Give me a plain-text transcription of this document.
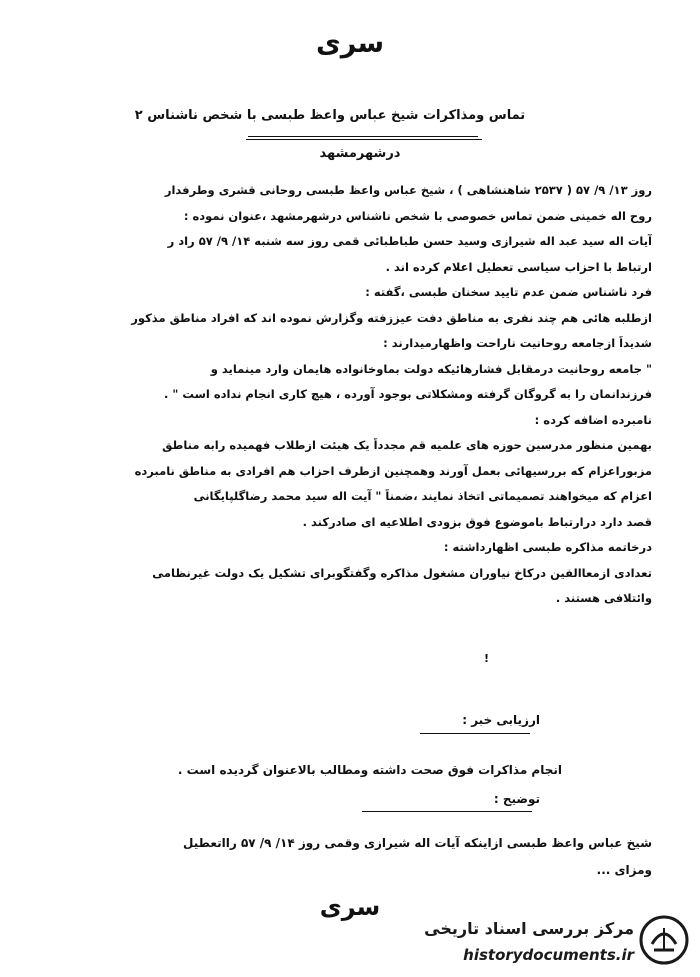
سری
تماس ومذاکرات شیخ عباس واعظ طبسی با شخص ناشناس ۲
درشهرمشهد
روز ۱۳/ ۹/ ۵۷ ( ۲۵۳۷ شاهنشاهی ) ، شیخ عباس واعظ طبسی روحانی قشری وطرفدار
روح اله خمینی ضمن تماس خصوصی با شخص ناشناس درشهرمشهد ،عنوان نموده :
آیات اله سید عبد اله شیرازی وسید حسن طباطبائی قمی روز سه شنبه ۱۴/ ۹/ ۵۷ راد ر
ارتباط با احزاب سیاسی تعطیل اعلام کرده اند .
فرد ناشناس ضمن عدم تایید سخنان طبسی ،گفته :
ازطلبه هائی هم چند نفری به مناطق دفت عیززفته وگزارش نموده اند که افراد مناطق مذکور
شدیداً ازجامعه روحانیت ناراحت واظهارمیدارند :
" جامعه روحانیت درمقابل فشارهائیکه دولت بماوخانواده هایمان وارد مینماید و
فرزندانمان را به گروگان گرفته ومشکلاتی بوجود آورده ، هیچ کاری انجام نداده است " .
نامبرده اضافه کرده :
بهمین منظور مدرسین حوزه های علمیه قم مجدداً یک هیئت ازطلاب فهمیده رابه مناطق
مزبوراعزام که بررسیهائی بعمل آورند وهمچنین ازطرف احزاب هم افرادی به مناطق نامبرده
اعزام که میخواهند تصمیماتی اتخاذ نمایند ،ضمناً " آیت اله سید محمد رضاگلپایگانی
قصد دارد درارتباط باموضوع فوق بزودی اطلاعیه ای صادرکند .
درخاتمه مذاکره طبسی اظهارداشته :
تعدادی ازمعاالفین درکاخ نیاوران مشغول مذاکره وگفتگوبرای تشکیل یک دولت غیرنظامی
وائتلافی هستند .
!
ارزیابی خبر :
انجام مذاکرات فوق صحت داشته ومطالب بالاعنوان گردیده است .
توضیح :
شیخ عباس واعظ طبسی ازاینکه آیات اله شیرازی وقمی روز ۱۴/ ۹/ ۵۷ رااتعطیل
ومزای ...
سری
مرکز بررسی اسناد تاریخی
historydocuments.ir
